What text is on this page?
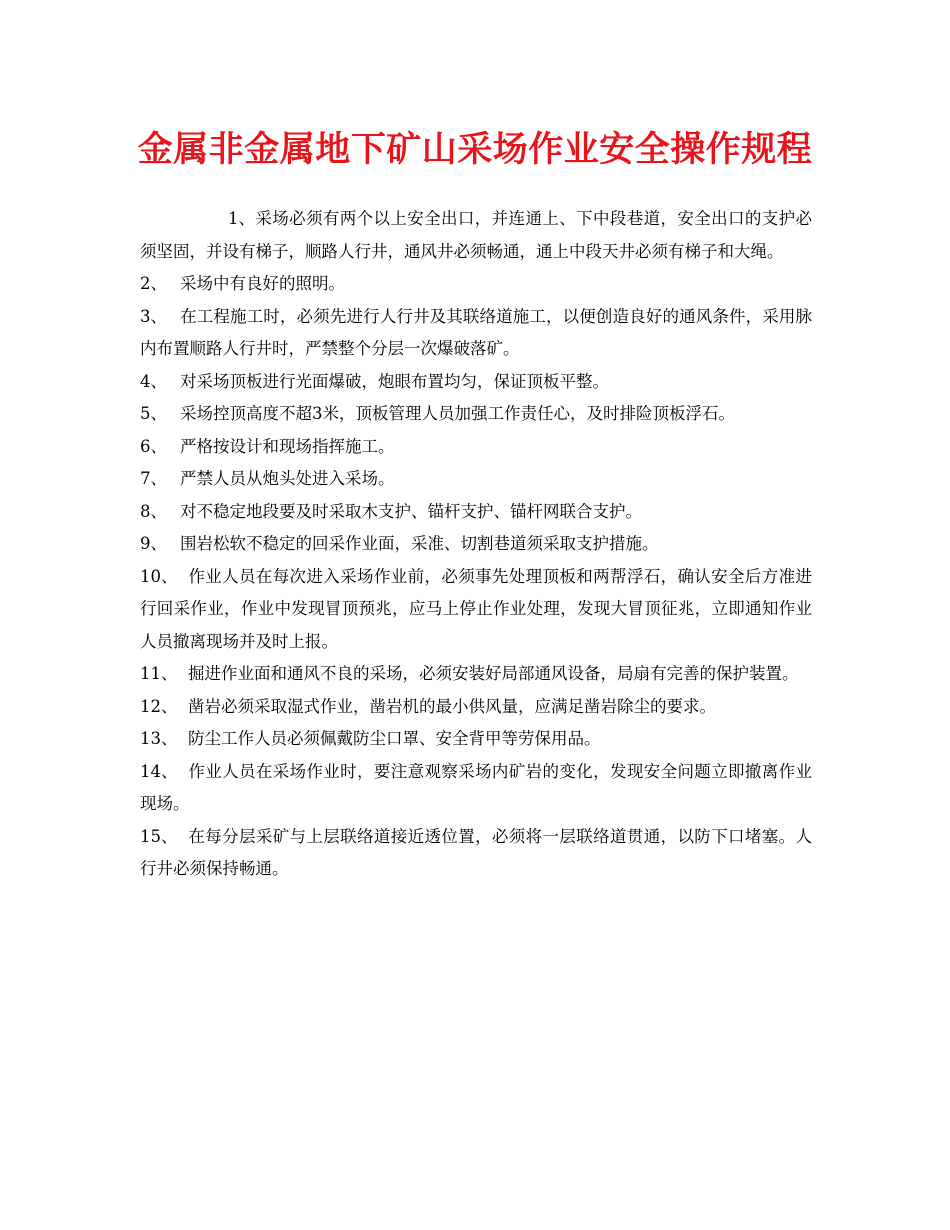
金属非金属地下矿山采场作业安全操作规程

1、采场必须有两个以上安全出口，并连通上、下中段巷道，安全出口的支护必须坚固，并设有梯子，顺路人行井，通风井必须畅通，通上中段天井必须有梯子和大绳。

2、 采场中有良好的照明。

3、 在工程施工时，必须先进行人行井及其联络道施工，以便创造良好的通风条件，采用脉内布置顺路人行井时，严禁整个分层一次爆破落矿。

4、 对采场顶板进行光面爆破，炮眼布置均匀，保证顶板平整。

5、 采场控顶高度不超3米，顶板管理人员加强工作责任心，及时排险顶板浮石。

6、 严格按设计和现场指挥施工。

7、 严禁人员从炮头处进入采场。

8、 对不稳定地段要及时采取木支护、锚杆支护、锚杆网联合支护。

9、 围岩松软不稳定的回采作业面，采准、切割巷道须采取支护措施。

10、 作业人员在每次进入采场作业前，必须事先处理顶板和两帮浮石，确认安全后方准进行回采作业，作业中发现冒顶预兆，应马上停止作业处理，发现大冒顶征兆，立即通知作业人员撤离现场并及时上报。

11、 掘进作业面和通风不良的采场，必须安装好局部通风设备，局扇有完善的保护装置。

12、 凿岩必须采取湿式作业，凿岩机的最小供风量，应满足凿岩除尘的要求。

13、 防尘工作人员必须佩戴防尘口罩、安全背甲等劳保用品。

14、 作业人员在采场作业时，要注意观察采场内矿岩的变化，发现安全问题立即撤离作业现场。

15、 在每分层采矿与上层联络道接近透位置，必须将一层联络道贯通，以防下口堵塞。人行井必须保持畅通。
